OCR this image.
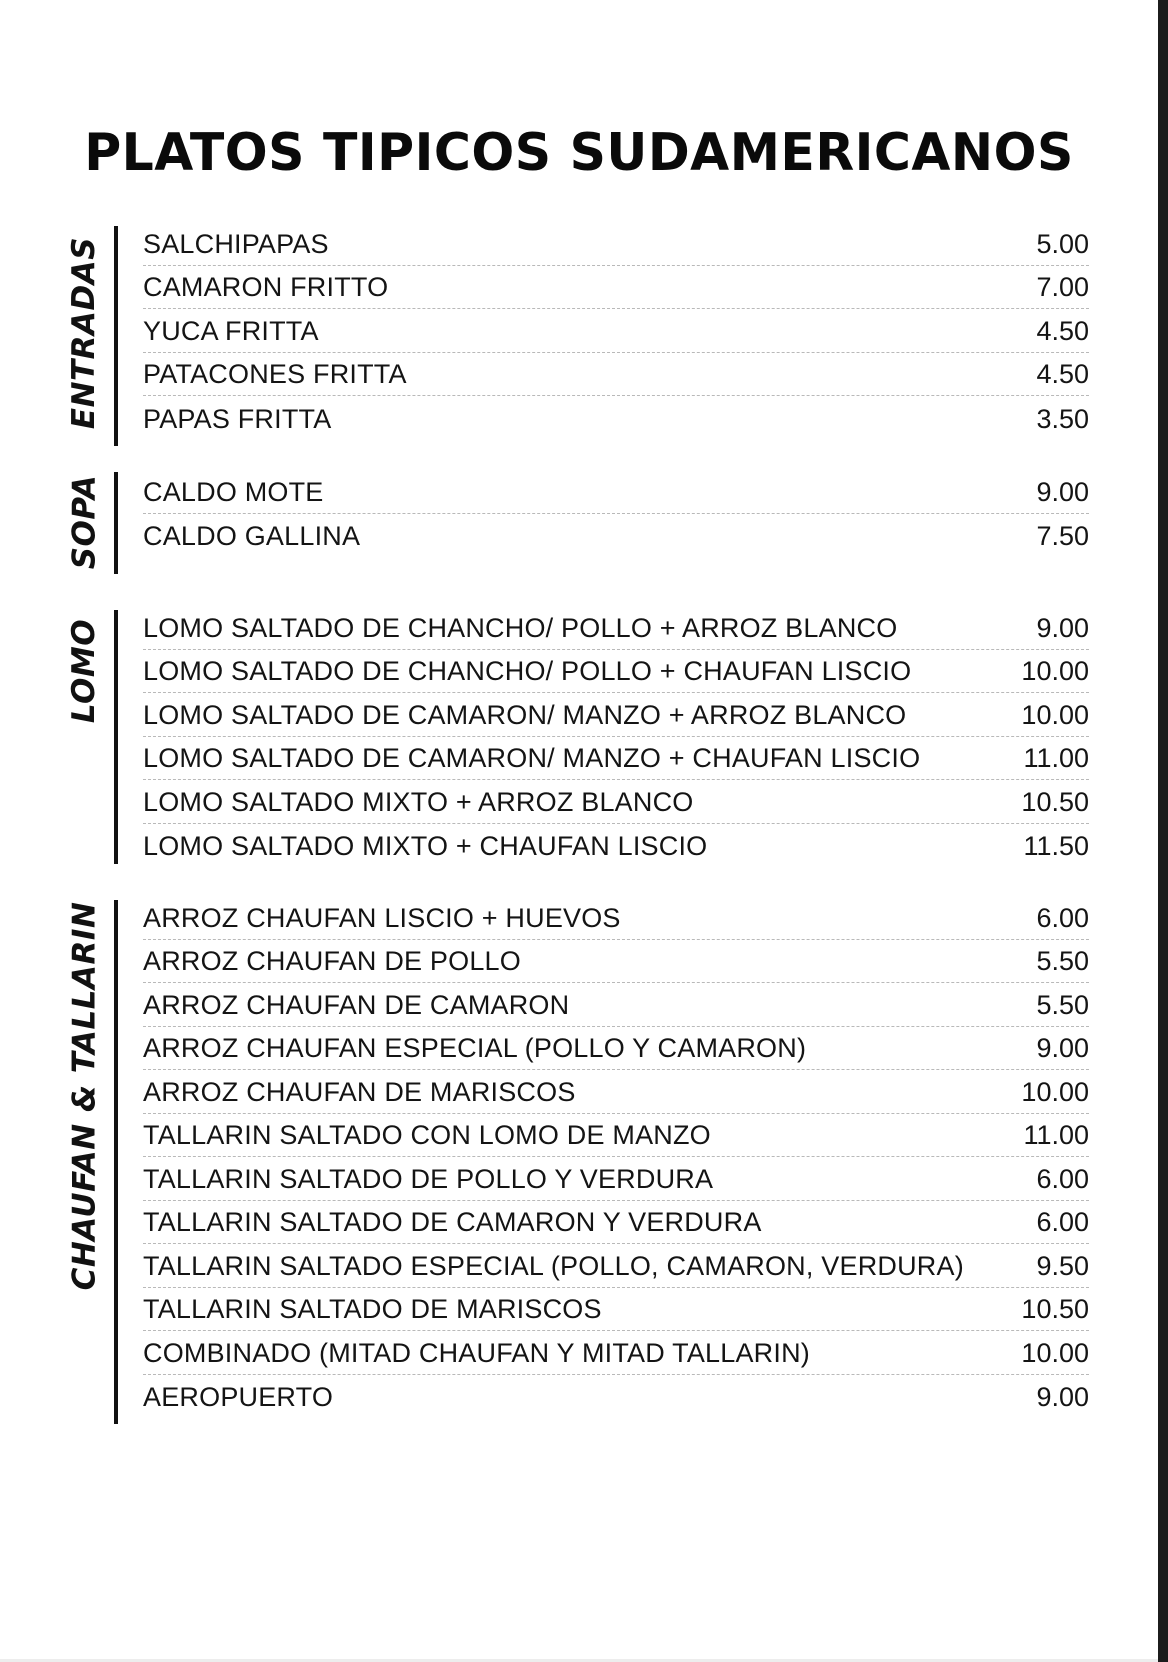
PLATOS TIPICOS SUDAMERICANOS
ENTRADAS SALCHIPAPAS	5.00
CAMARON FRITTO	7.00
YUCA FRITTA	4.50
PATACONES FRITTA	4.50
PAPAS FRITTA	3.50
SOPA CALDO MOTE	9.00
CALDO GALLINA	7.50
LOMO LOMO SALTADO DE CHANCHO/ POLLO + ARROZ BLANCO	9.00
LOMO SALTADO DE CHANCHO/ POLLO + CHAUFAN LISCIO	10.00
LOMO SALTADO DE CAMARON/ MANZO + ARROZ BLANCO	10.00
LOMO SALTADO DE CAMARON/ MANZO + CHAUFAN LISCIO	11.00
LOMO SALTADO MIXTO + ARROZ BLANCO	10.50
LOMO SALTADO MIXTO + CHAUFAN LISCIO	11.50
CHAUFAN & TALLARIN ARROZ CHAUFAN LISCIO + HUEVOS	6.00
ARROZ CHAUFAN DE POLLO	5.50
ARROZ CHAUFAN DE CAMARON	5.50
ARROZ CHAUFAN ESPECIAL (POLLO Y CAMARON)	9.00
ARROZ CHAUFAN DE MARISCOS	10.00
TALLARIN SALTADO CON LOMO DE MANZO	11.00
TALLARIN SALTADO DE POLLO Y VERDURA	6.00
TALLARIN SALTADO DE CAMARON Y VERDURA	6.00
TALLARIN SALTADO ESPECIAL (POLLO, CAMARON, VERDURA)	9.50
TALLARIN SALTADO DE MARISCOS	10.50
COMBINADO (MITAD CHAUFAN Y MITAD TALLARIN)	10.00
AEROPUERTO	9.00
